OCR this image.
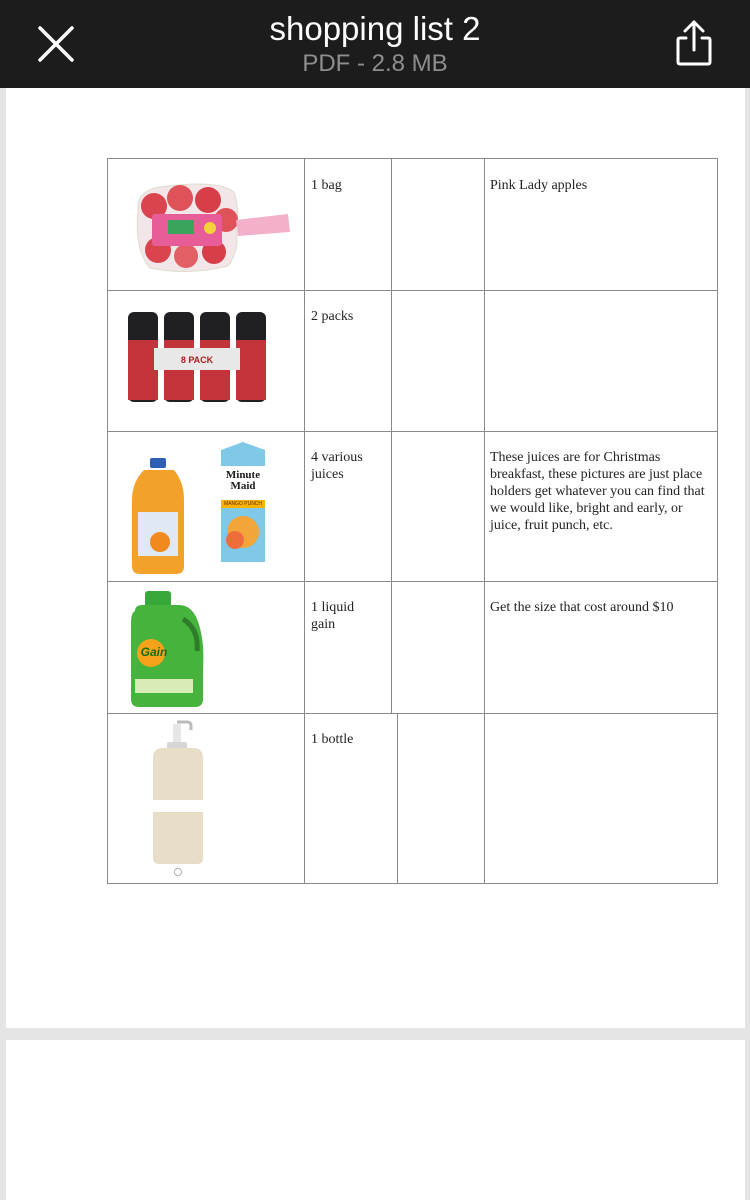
shopping list 2
PDF - 2.8 MB
1 bag	Pink Lady apples
8 PACK
2 packs
Minute
Maid
MANGO PUNCH
4 various juices
These juices are for Christmas breakfast, these pictures are just place holders get whatever you can find that we would like, bright and early, or juice, fruit punch, etc.
Gain
1 liquid gain
Get the size that cost around $10
1 bottle
